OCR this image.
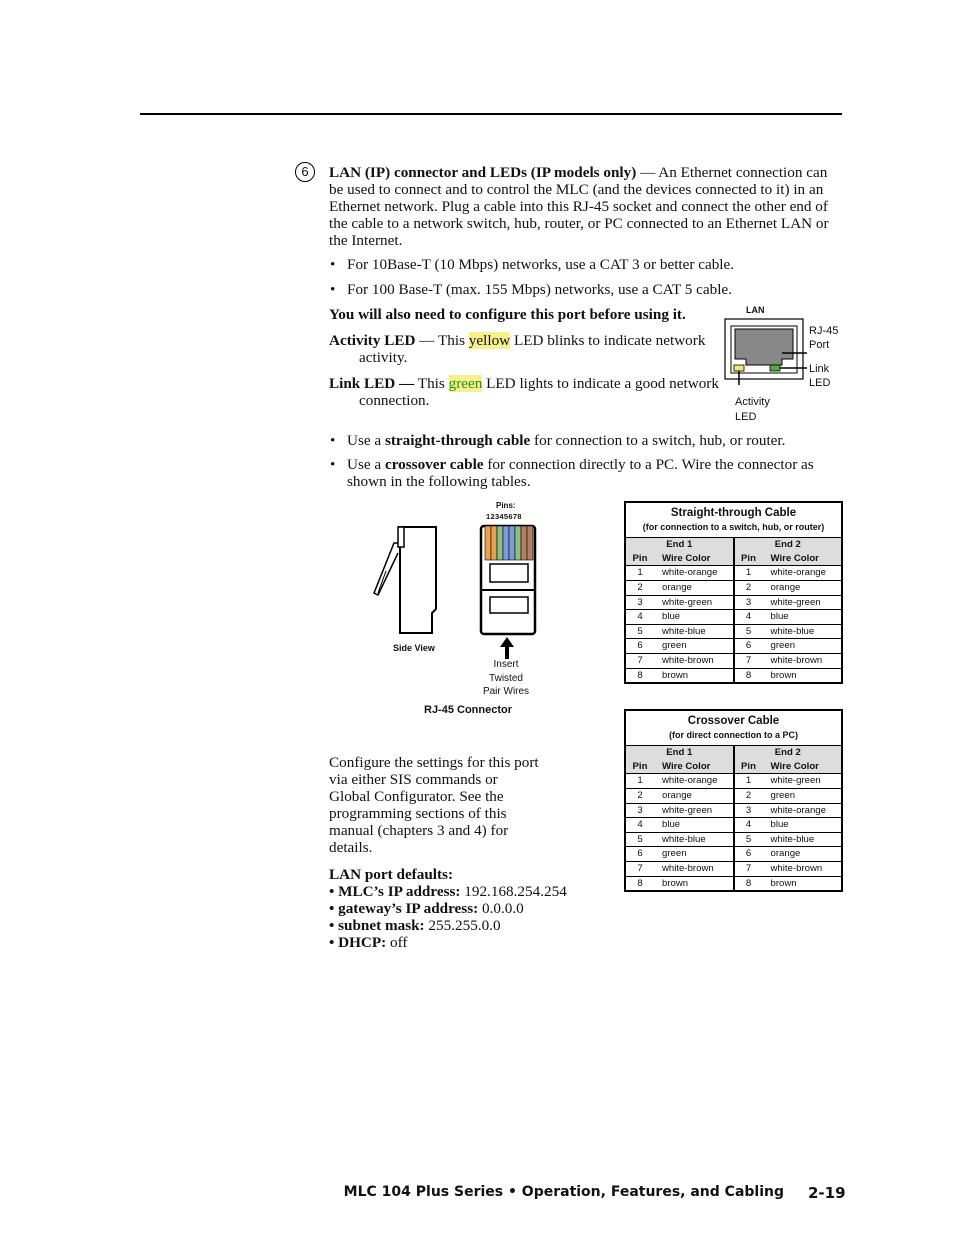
6	LAN (IP) connector and LEDs (IP models only) — An Ethernet connection can be used to connect and to control the MLC (and the devices connected to it) in an Ethernet network. Plug a cable into this RJ-45 socket and connect the other end of the cable to a network switch, hub, router, or PC connected to an Ethernet LAN or the Internet.
• For 10Base-T (10 Mbps) networks, use a CAT 3 or better cable.
• For 100 Base-T (max. 155 Mbps) networks, use a CAT 5 cable.
You will also need to configure this port before using it.
Activity LED — This yellow LED blinks to indicate network activity.
Link LED — This green LED lights to indicate a good network connection.
LAN
RJ-45
Port
Link
LED
Activity
LED
• Use a straight-through cable for connection to a switch, hub, or router.
• Use a crossover cable for connection directly to a PC. Wire the connector as shown in the following tables.
Pins:
12345678
Side View
Insert
Twisted
Pair Wires
RJ-45 Connector
Straight-through Cable			
(for connection to a switch, hub, or router)			
End 1		End 2	
Pin	Wire Color	Pin	Wire Color
1	white-orange	1	white-orange
2	orange	2	orange
3	white-green	3	white-green
4	blue	4	blue
5	white-blue	5	white-blue
6	green	6	green
7	white-brown	7	white-brown
8	brown	8	brown
Crossover Cable			
(for direct connection to a PC)			
End 1		End 2	
Pin	Wire Color	Pin	Wire Color
1	white-orange	1	white-green
2	orange	2	green
3	white-green	3	white-orange
4	blue	4	blue
5	white-blue	5	white-blue
6	green	6	orange
7	white-brown	7	white-brown
8	brown	8	brown
Configure the settings for this port via either SIS commands or Global Configurator. See the programming sections of this manual (chapters 3 and 4) for details.
LAN port defaults:
• MLC’s IP address: 192.168.254.254
• gateway’s IP address: 0.0.0.0
• subnet mask: 255.255.0.0
• DHCP: off
MLC 104 Plus Series • Operation, Features, and Cabling 2-19
